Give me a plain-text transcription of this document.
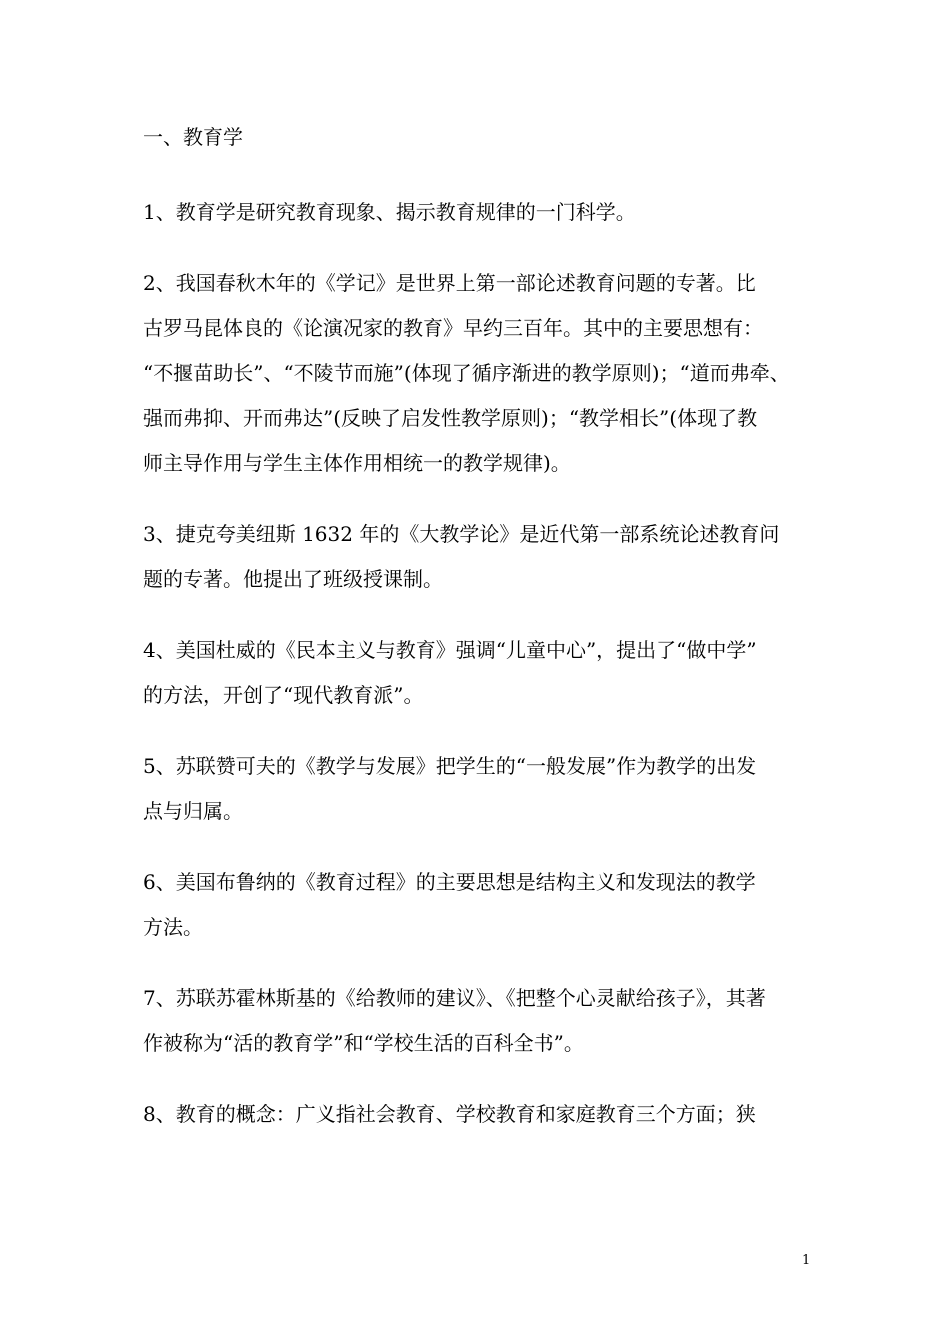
一、教育学
1、教育学是研究教育现象、揭示教育规律的一门科学。
2、我国春秋木年的《学记》是世界上第一部论述教育问题的专著。比
古罗马昆体良的《论演况家的教育》早约三百年。其中的主要思想有：
“不揠苗助长”、“不陵节而施”(体现了循序渐进的教学原则)；“道而弗牵、
强而弗抑、开而弗达”(反映了启发性教学原则)；“教学相长”(体现了教
师主导作用与学生主体作用相统一的教学规律)。
3、捷克夸美纽斯 1632 年的《大教学论》是近代第一部系统论述教育问
题的专著。他提出了班级授课制。
4、美国杜威的《民本主义与教育》强调“儿童中心”，提出了“做中学”
的方法，开创了“现代教育派”。
5、苏联赞可夫的《教学与发展》把学生的“一般发展”作为教学的出发
点与归属。
6、美国布鲁纳的《教育过程》的主要思想是结构主义和发现法的教学
方法。
7、苏联苏霍林斯基的《给教师的建议》、《把整个心灵献给孩子》，其著
作被称为“活的教育学”和“学校生活的百科全书”。
8、教育的概念：广义指社会教育、学校教育和家庭教育三个方面；狭
1
